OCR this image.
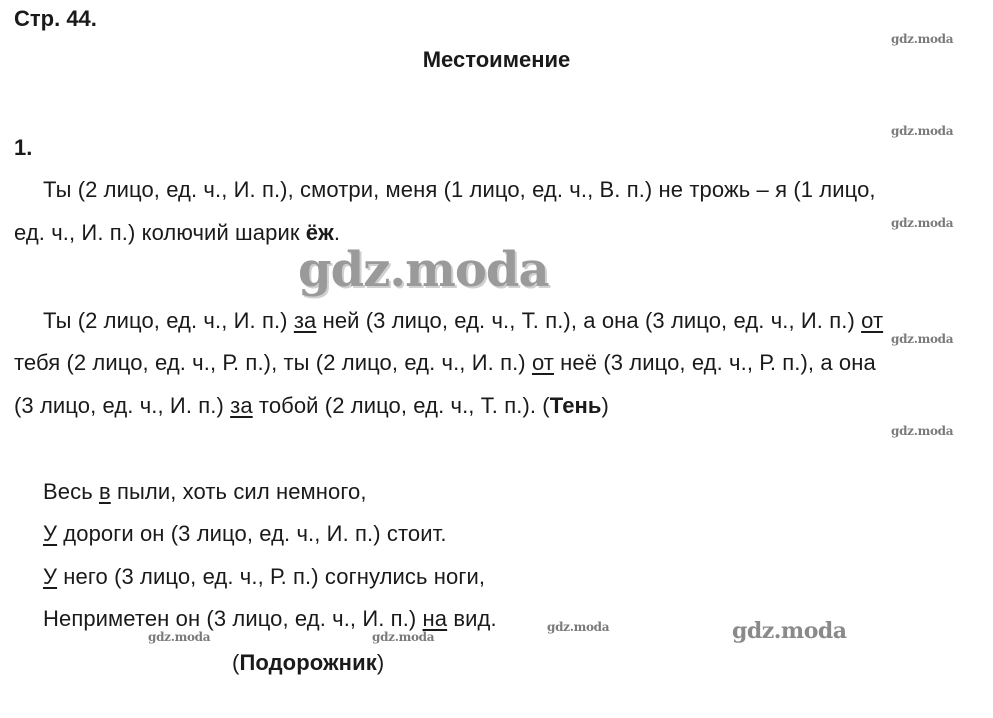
Стр. 44.
Местоимение
1.
Ты (2 лицо, ед. ч., И. п.), смотри, меня (1 лицо, ед. ч., В. п.) не трожь – я (1 лицо,
ед. ч., И. п.) колючий шарик ёж.
Ты (2 лицо, ед. ч., И. п.) за ней (3 лицо, ед. ч., Т. п.), а она (3 лицо, ед. ч., И. п.) от
тебя (2 лицо, ед. ч., Р. п.), ты (2 лицо, ед. ч., И. п.) от неё (3 лицо, ед. ч., Р. п.), а она
(3 лицо, ед. ч., И. п.) за тобой (2 лицо, ед. ч., Т. п.). (Тень)
Весь в пыли, хоть сил немного,
У дороги он (3 лицо, ед. ч., И. п.) стоит.
У него (3 лицо, ед. ч., Р. п.) согнулись ноги,
Неприметен он (3 лицо, ед. ч., И. п.) на вид.
(Подорожник)
gdz.moda
gdz.moda
gdz.moda
gdz.moda
gdz.moda
gdz.moda	gdz.moda
gdz.moda
gdz.moda
gdz.moda
